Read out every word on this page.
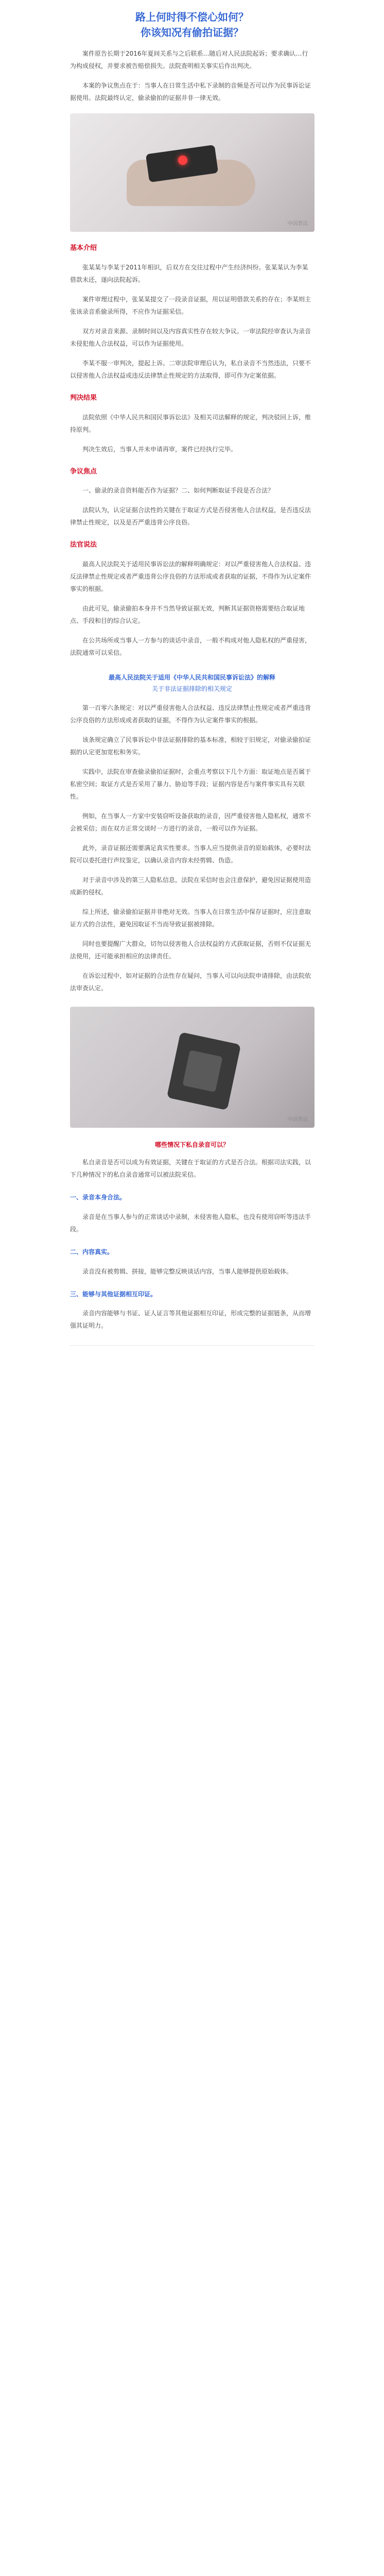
路上何时得不偿心如何？
你该知况有偷拍证据？

案件原告长期于2016年夏间关系与之后联系…随后对人民法院起诉；要求确认…行为构成侵权，并要求被告赔偿损失。法院查明相关事实后作出判决。

本案的争议焦点在于：当事人在日常生活中私下录制的音频是否可以作为民事诉讼证据使用。法院最终认定，偷录偷拍的证据并非一律无效。

中国普法
基本介绍

张某某与李某于2011年相识，后双方在交往过程中产生经济纠纷。张某某认为李某借款未还，遂向法院起诉。

案件审理过程中，张某某提交了一段录音证据，用以证明借款关系的存在；李某则主张该录音系偷录所得，不应作为证据采信。

双方对录音来源、录制时间以及内容真实性存在较大争议。一审法院经审查认为录音未侵犯他人合法权益，可以作为证据使用。

李某不服一审判决，提起上诉。二审法院审理后认为，私自录音不当然违法，只要不以侵害他人合法权益或违反法律禁止性规定的方法取得，即可作为定案依据。

判决结果

法院依照《中华人民共和国民事诉讼法》及相关司法解释的规定，判决驳回上诉，维持原判。

判决生效后，当事人并未申请再审，案件已经执行完毕。

争议焦点

一、偷录的录音资料能否作为证据？二、如何判断取证手段是否合法？

法院认为，认定证据合法性的关键在于取证方式是否侵害他人合法权益，是否违反法律禁止性规定，以及是否严重违背公序良俗。

法官说法

最高人民法院关于适用民事诉讼法的解释明确规定：对以严重侵害他人合法权益、违反法律禁止性规定或者严重违背公序良俗的方法形成或者获取的证据，不得作为认定案件事实的根据。

由此可见，偷录偷拍本身并不当然导致证据无效，判断其证据资格需要结合取证地点、手段和目的综合认定。

在公共场所或当事人一方参与的谈话中录音，一般不构成对他人隐私权的严重侵害，法院通常可以采信。

最高人民法院关于适用《中华人民共和国民事诉讼法》的解释
关于非法证据排除的相关规定

第一百零六条规定：对以严重侵害他人合法权益、违反法律禁止性规定或者严重违背公序良俗的方法形成或者获取的证据，不得作为认定案件事实的根据。

该条规定确立了民事诉讼中非法证据排除的基本标准，相较于旧规定，对偷录偷拍证据的认定更加宽松和务实。

实践中，法院在审查偷录偷拍证据时，会重点考察以下几个方面：取证地点是否属于私密空间；取证方式是否采用了暴力、胁迫等手段；证据内容是否与案件事实具有关联性。

例如，在当事人一方家中安装窃听设备获取的录音，因严重侵害他人隐私权，通常不会被采信；而在双方正常交谈时一方进行的录音，一般可以作为证据。

此外，录音证据还需要满足真实性要求。当事人应当提供录音的原始载体，必要时法院可以委托进行声纹鉴定，以确认录音内容未经剪辑、伪造。

对于录音中涉及的第三人隐私信息，法院在采信时也会注意保护，避免因证据使用造成新的侵权。

综上所述，偷录偷拍证据并非绝对无效。当事人在日常生活中保存证据时，应注意取证方式的合法性，避免因取证不当而导致证据被排除。

同时也要提醒广大群众，切勿以侵害他人合法权益的方式获取证据，否则不仅证据无法使用，还可能承担相应的法律责任。

在诉讼过程中，如对证据的合法性存在疑问，当事人可以向法院申请排除，由法院依法审查认定。

中国普法
哪些情况下私自录音可以？

私自录音是否可以成为有效证据，关键在于取证的方式是否合法。根据司法实践，以下几种情况下的私自录音通常可以被法院采信。

一、录音本身合法。

录音是在当事人参与的正常谈话中录制，未侵害他人隐私，也没有使用窃听等违法手段。

二、内容真实。

录音没有被剪辑、拼接，能够完整反映谈话内容，当事人能够提供原始载体。

三、能够与其他证据相互印证。

录音内容能够与书证、证人证言等其他证据相互印证，形成完整的证据链条，从而增强其证明力。
